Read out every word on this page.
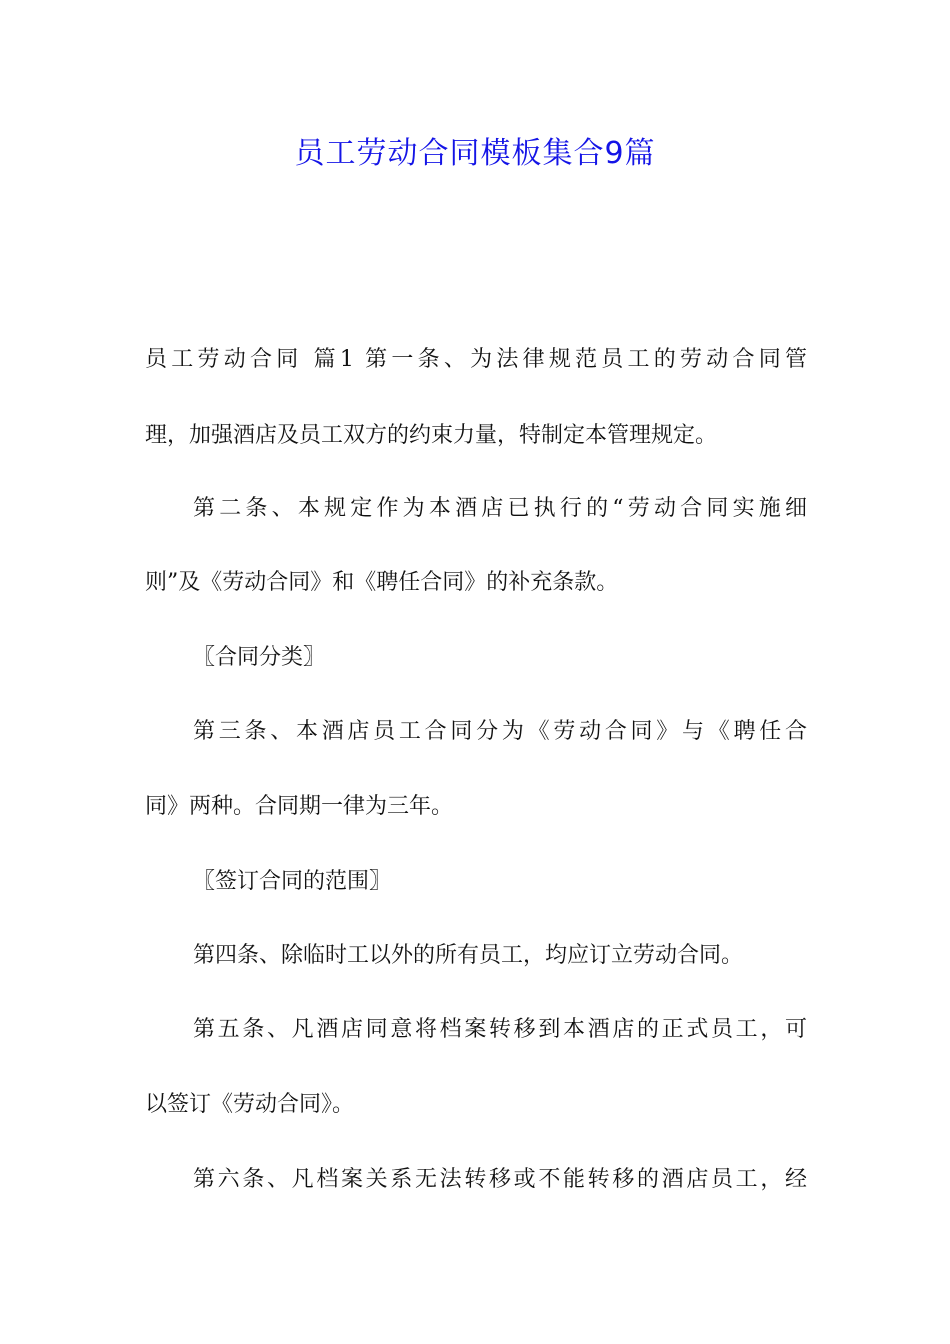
员工劳动合同模板集合9篇
员工劳动合同 篇1 第一条、为法律规范员工的劳动合同管
理，加强酒店及员工双方的约束力量，特制定本管理规定。
第二条、本规定作为本酒店已执行的“劳动合同实施细
则”及《劳动合同》和《聘任合同》的补充条款。
〖合同分类〗
第三条、本酒店员工合同分为《劳动合同》与《聘任合
同》两种。合同期一律为三年。
〖签订合同的范围〗
第四条、除临时工以外的所有员工，均应订立劳动合同。
第五条、凡酒店同意将档案转移到本酒店的正式员工，可
以签订《劳动合同》。
第六条、凡档案关系无法转移或不能转移的酒店员工，经
